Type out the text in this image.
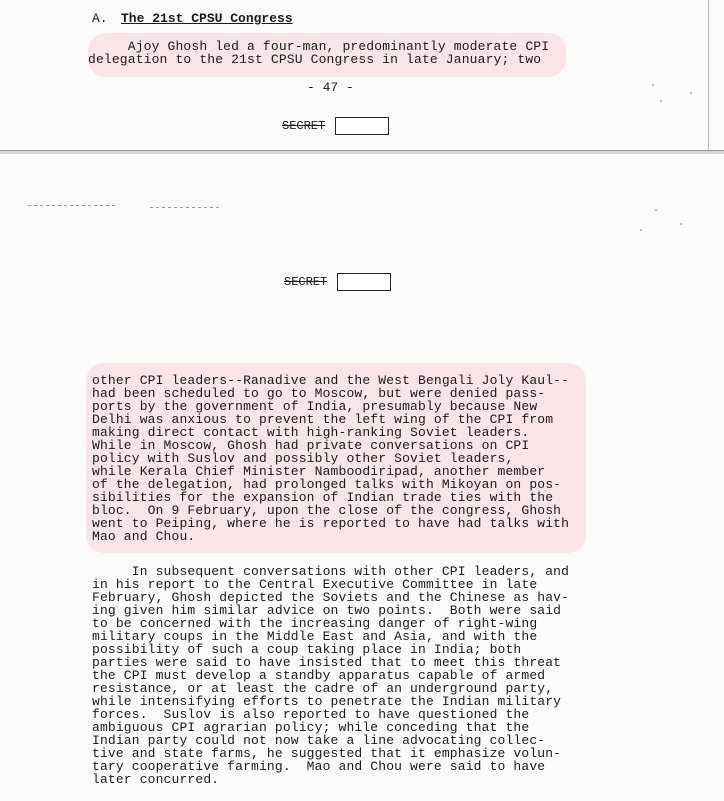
A. The 21st CPSU Congress
Ajoy Ghosh led a four-man, predominantly moderate CPI
delegation to the 21st CPSU Congress in late January; two
- 47 -
SECRET
SECRET
other CPI leaders--Ranadive and the West Bengali Joly Kaul--
had been scheduled to go to Moscow, but were denied pass-
ports by the government of India, presumably because New
Delhi was anxious to prevent the left wing of the CPI from
making direct contact with high-ranking Soviet leaders.
While in Moscow, Ghosh had private conversations on CPI
policy with Suslov and possibly other Soviet leaders,
while Kerala Chief Minister Namboodiripad, another member
of the delegation, had prolonged talks with Mikoyan on pos-
sibilities for the expansion of Indian trade ties with the
bloc.  On 9 February, upon the close of the congress, Ghosh
went to Peiping, where he is reported to have had talks with
Mao and Chou.
In subsequent conversations with other CPI leaders, and
in his report to the Central Executive Committee in late
February, Ghosh depicted the Soviets and the Chinese as hav-
ing given him similar advice on two points.  Both were said
to be concerned with the increasing danger of right-wing
military coups in the Middle East and Asia, and with the
possibility of such a coup taking place in India; both
parties were said to have insisted that to meet this threat
the CPI must develop a standby apparatus capable of armed
resistance, or at least the cadre of an underground party,
while intensifying efforts to penetrate the Indian military
forces.  Suslov is also reported to have questioned the
ambiguous CPI agrarian policy; while conceding that the
Indian party could not now take a line advocating collec-
tive and state farms, he suggested that it emphasize volun-
tary cooperative farming.  Mao and Chou were said to have
later concurred.
